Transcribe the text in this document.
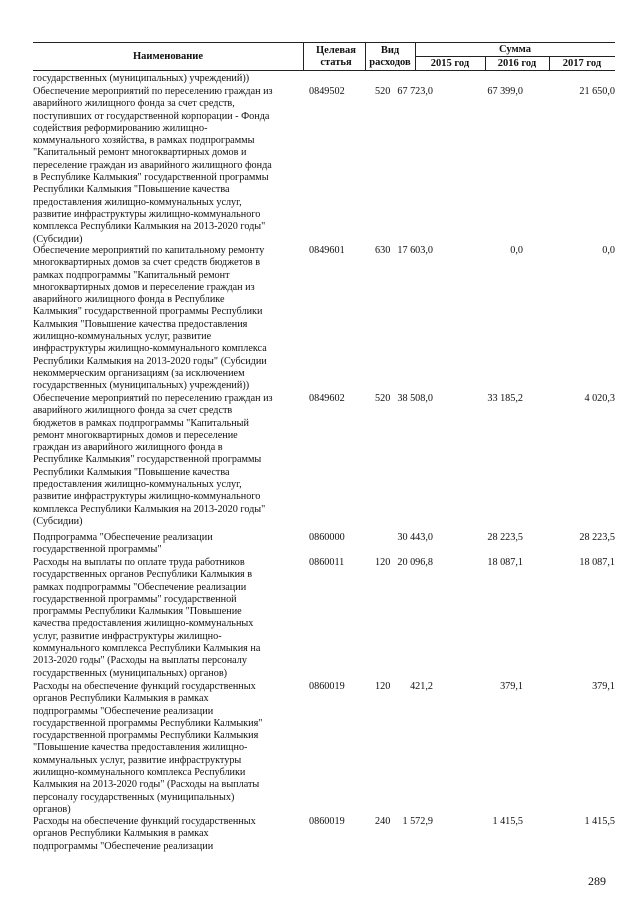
Наименование
Целевая
статья
Вид
расходов
Сумма
2015 год	2016 год	2017 год
государственных (муниципальных) учреждений))
Обеспечение мероприятий по переселению граждан из
аварийного жилищного фонда за счет средств,
поступивших от государственной корпорации - Фонда
содействия реформированию жилищно-
коммунального хозяйства, в рамках подпрограммы
"Капитальный ремонт многоквартирных домов и
переселение граждан из аварийного жилищного фонда
в Республике Калмыкия" государственной программы
Республики Калмыкия "Повышение качества
предоставления жилищно-коммунальных услуг,
развитие инфраструктуры жилищно-коммунального
комплекса Республики Калмыкия на 2013-2020 годы"
(Субсидии)
0849502	520 67 723,0	67 399,0	21 650,0
Обеспечение мероприятий по капитальному ремонту
многоквартирных домов за счет средств бюджетов в
рамках подпрограммы "Капитальный ремонт
многоквартирных домов и переселение граждан из
аварийного жилищного фонда в Республике
Калмыкия" государственной программы Республики
Калмыкия "Повышение качества предоставления
жилищно-коммунальных услуг, развитие
инфраструктуры жилищно-коммунального комплекса
Республики Калмыкия на 2013-2020 годы" (Субсидии
некоммерческим организациям (за исключением
государственных (муниципальных) учреждений))
0849601	630 17 603,0	0,0	0,0
Обеспечение мероприятий по переселению граждан из
аварийного жилищного фонда за счет средств
бюджетов в рамках подпрограммы "Капитальный
ремонт многоквартирных домов и переселение
граждан из аварийного жилищного фонда в
Республике Калмыкия" государственной программы
Республики Калмыкия "Повышение качества
предоставления жилищно-коммунальных услуг,
развитие инфраструктуры жилищно-коммунального
комплекса Республики Калмыкия на 2013-2020 годы"
(Субсидии)
0849602	520 38 508,0	33 185,2	4 020,3
Подпрограмма "Обеспечение реализации
государственной программы"
0860000	30 443,0	28 223,5	28 223,5
Расходы на выплаты по оплате труда работников
государственных органов Республики Калмыкия в
рамках подпрограммы "Обеспечение реализации
государственной программы" государственной
программы Республики Калмыкия "Повышение
качества предоставления жилищно-коммунальных
услуг, развитие инфраструктуры жилищно-
коммунального комплекса Республики Калмыкия на
2013-2020 годы" (Расходы на выплаты персоналу
государственных (муниципальных) органов)
0860011	120 20 096,8	18 087,1	18 087,1
Расходы на обеспечение функций государственных
органов Республики Калмыкия в рамках
подпрограммы "Обеспечение реализации
государственной программы Республики Калмыкия"
государственной программы Республики Калмыкия
"Повышение качества предоставления жилищно-
коммунальных услуг, развитие инфраструктуры
жилищно-коммунального комплекса Республики
Калмыкия на 2013-2020 годы" (Расходы на выплаты
персоналу государственных (муниципальных)
органов)
0860019	120 421,2	379,1	379,1
Расходы на обеспечение функций государственных
органов Республики Калмыкия в рамках
подпрограммы "Обеспечение реализации
0860019	240 1 572,9	1 415,5	1 415,5
289
